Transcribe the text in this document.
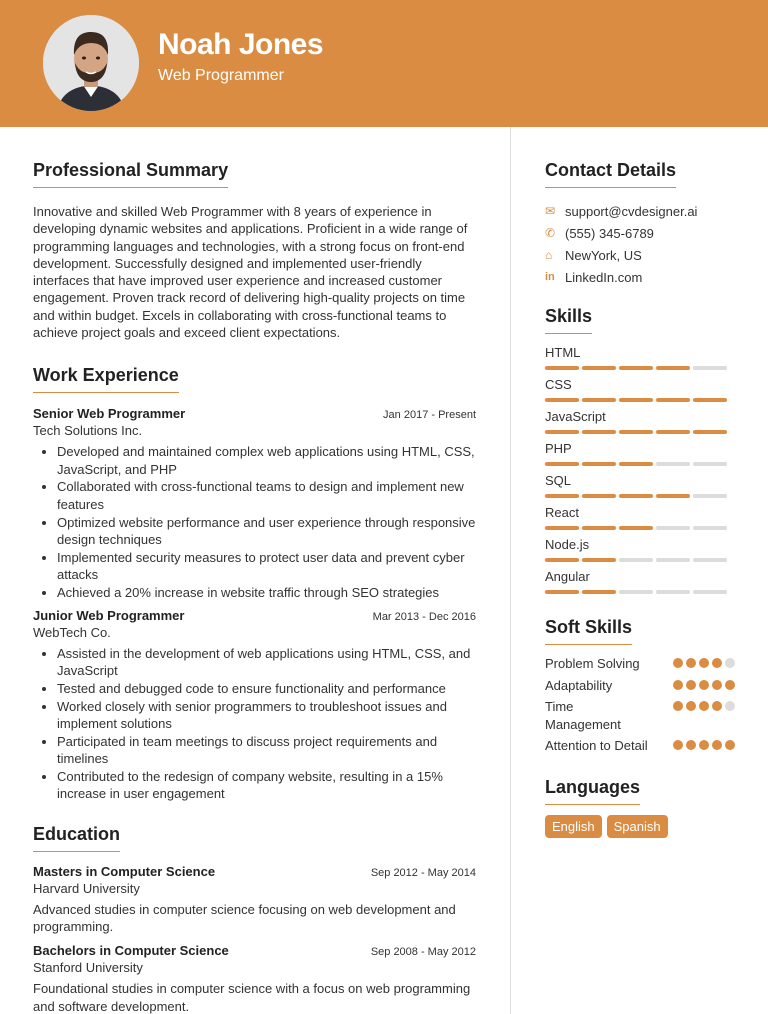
Noah Jones
Web Programmer
Professional Summary

Innovative and skilled Web Programmer with 8 years of experience in developing dynamic websites and applications. Proficient in a wide range of programming languages and technologies, with a strong focus on front-end development. Successfully designed and implemented user-friendly interfaces that have improved user experience and increased customer engagement. Proven track record of delivering high-quality projects on time and within budget. Excels in collaborating with cross-functional teams to achieve project goals and exceed client expectations.

Work Experience
Senior Web Programmer	Jan 2017 - Present
Tech Solutions Inc.
• Developed and maintained complex web applications using HTML, CSS, JavaScript, and PHP
• Collaborated with cross-functional teams to design and implement new features
• Optimized website performance and user experience through responsive design techniques
• Implemented security measures to protect user data and prevent cyber attacks
• Achieved a 20% increase in website traffic through SEO strategies
Junior Web Programmer	Mar 2013 - Dec 2016
WebTech Co.
• Assisted in the development of web applications using HTML, CSS, and JavaScript
• Tested and debugged code to ensure functionality and performance
• Worked closely with senior programmers to troubleshoot issues and implement solutions
• Participated in team meetings to discuss project requirements and timelines
• Contributed to the redesign of company website, resulting in a 15% increase in user engagement
Education
Masters in Computer Science	Sep 2012 - May 2014
Harvard University

Advanced studies in computer science focusing on web development and programming.

Bachelors in Computer Science	Sep 2008 - May 2012
Stanford University

Foundational studies in computer science with a focus on web programming and software development.

Contact Details
✉ support@cvdesigner.ai
✆ (555) 345-6789
⌂ NewYork, US
in LinkedIn.com
Skills
HTML
CSS
JavaScript
PHP
SQL
React
Node.js
Angular
Soft Skills
Problem Solving
Adaptability
Time Management
Attention to Detail
Languages
English	Spanish
